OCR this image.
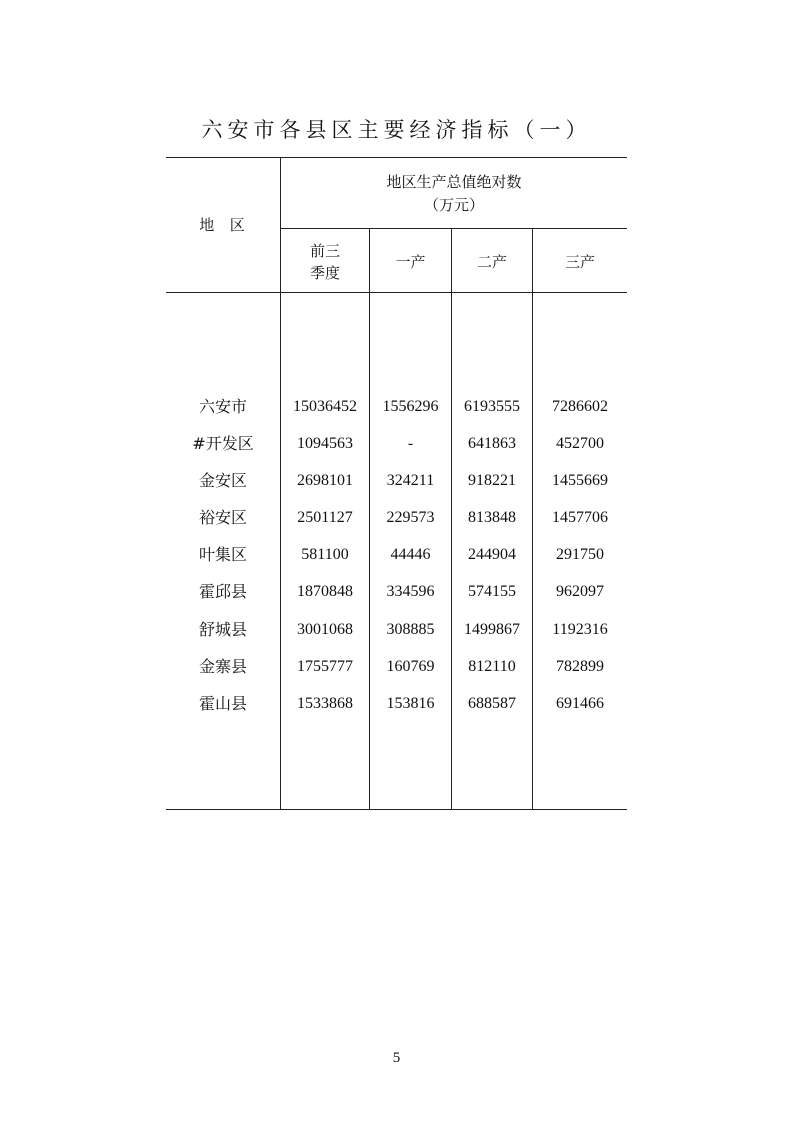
六安市各县区主要经济指标（一）
地  区
地区生产总值绝对数
（万元）
前三
季度
一产	二产	三产
六安市	15036452	1556296	6193555	7286602
#开发区	1094563	-	641863	452700
金安区	2698101	324211	918221	1455669
裕安区	2501127	229573	813848	1457706
叶集区	581100	44446	244904	291750
霍邱县	1870848	334596	574155	962097
舒城县	3001068	308885	1499867	1192316
金寨县	1755777	160769	812110	782899
霍山县	1533868	153816	688587	691466
5
